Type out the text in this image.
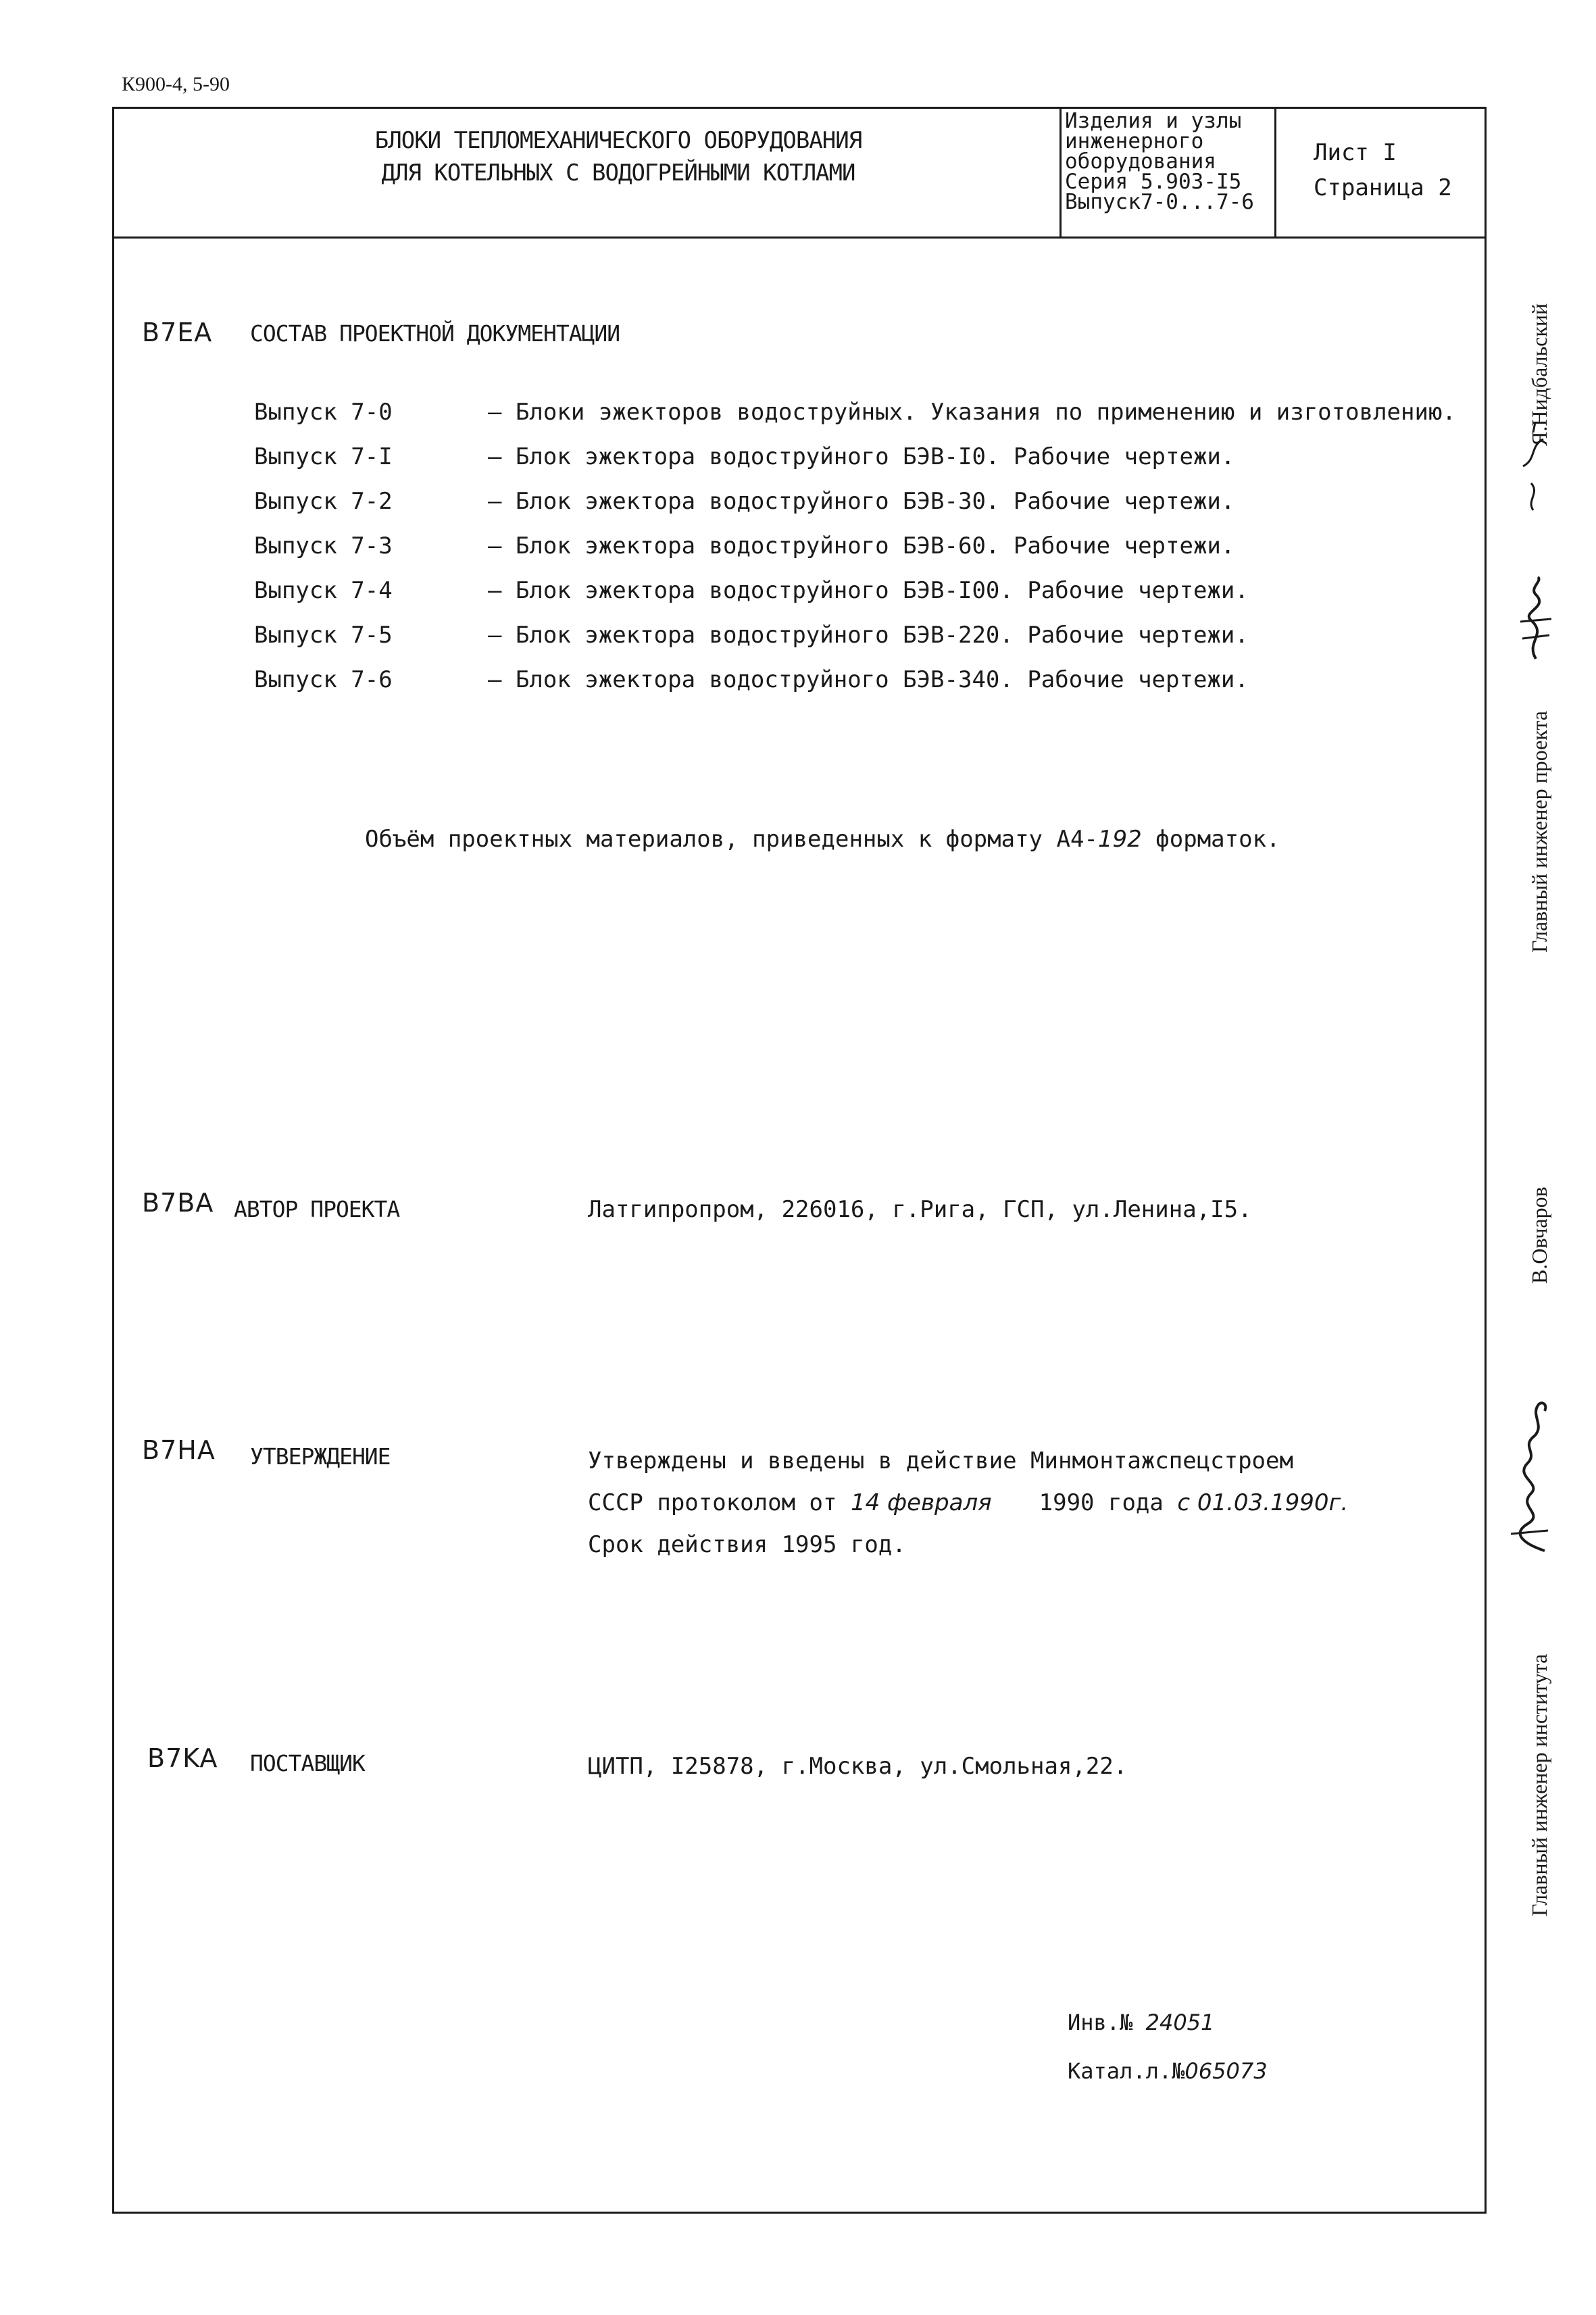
К900-4, 5-90
БЛОКИ ТЕПЛОМЕХАНИЧЕСКОГО ОБОРУДОВАНИЯ
ДЛЯ КОТЕЛЬНЫХ С ВОДОГРЕЙНЫМИ КОТЛАМИ
Изделия и узлы
инженерного
оборудования
Серия 5.903-I5
Выпуск7-0...7-6
Лист I
Страница 2
B7EA СОСТАВ ПРОЕКТНОЙ ДОКУМЕНТАЦИИ
Выпуск 7-0	– Блоки эжекторов водоструйных. Указания по применению и изготовлению.
Выпуск 7-I	– Блок эжектора водоструйного БЭВ-I0. Рабочие чертежи.
Выпуск 7-2	– Блок эжектора водоструйного БЭВ-30. Рабочие чертежи.
Выпуск 7-3	– Блок эжектора водоструйного БЭВ-60. Рабочие чертежи.
Выпуск 7-4	– Блок эжектора водоструйного БЭВ-I00. Рабочие чертежи.
Выпуск 7-5	– Блок эжектора водоструйного БЭВ-220. Рабочие чертежи.
Выпуск 7-6	– Блок эжектора водоструйного БЭВ-340. Рабочие чертежи.
Объём проектных материалов, приведенных к формату А4-192 форматок.
B7BA АВТОР ПРОЕКТА	Латгипропром, 226016, г.Рига, ГСП, ул.Ленина,I5.
B7HA УТВЕРЖДЕНИЕ	Утверждены и введены в действие Минмонтажспецстроем
СССР протоколом от 14 февраля 1990 года с 01.03.1990г.
Срок действия 1995 год.
B7KA ПОСТАВЩИК	ЦИТП, I25878, г.Москва, ул.Смольная,22.
Инв.№ 24051
Катал.л.№065073
Главный инженер проекта
Я.Нидбальский
Главный инженер института
В.Овчаров
